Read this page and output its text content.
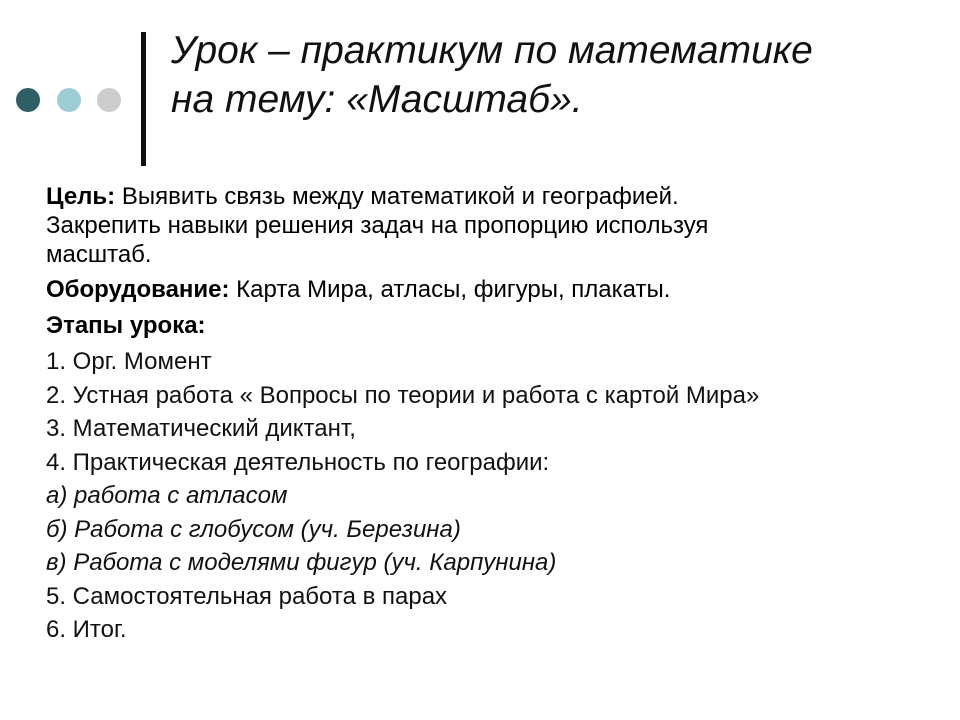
Урок – практикум по математике
на тему: «Масштаб».

Цель: Выявить связь между математикой и географией.
Закрепить навыки решения задач на пропорцию используя
масштаб.

Оборудование: Карта Мира, атласы, фигуры, плакаты.

Этапы урока:

1. Орг. Момент
2. Устная работа « Вопросы по теории и работа с картой Мира»
3. Математический диктант,
4. Практическая деятельность по географии:
а) работа с атласом
б) Работа с глобусом (уч. Березина)
в) Работа с моделями фигур (уч. Карпунина)
5. Самостоятельная работа в парах
6. Итог.
